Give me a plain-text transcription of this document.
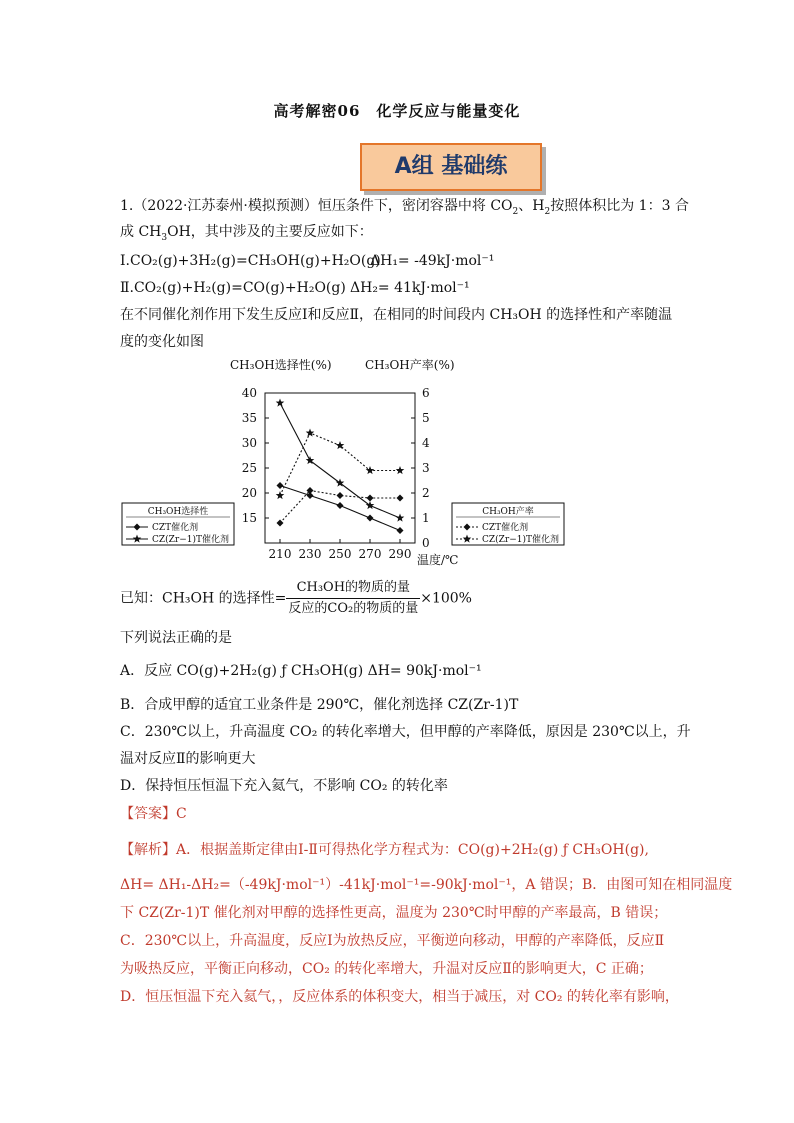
高考解密06　化学反应与能量变化
A组 基础练
1.（2022·江苏泰州·模拟预测）恒压条件下，密闭容器中将 $CO_2$、$H_2$按照体积比为 1：3 合
成 $CH_3OH$，其中涉及的主要反应如下：
Ⅰ.CO₂(g)+3H₂(g)=CH₃OH(g)+H₂O(g)
ΔH₁= -49kJ·mol⁻¹
Ⅱ.CO₂(g)+H₂(g)=CO(g)+H₂O(g) ΔH₂= 41kJ·mol⁻¹
在不同催化剂作用下发生反应Ⅰ和反应Ⅱ，在相同的时间段内 CH₃OH 的选择性和产率随温
度的变化如图
CH₃OH选择性(%)	CH₃OH产率(%)
15
20
25
30
35
40
0
1
2
3
4
5
6
210 230 250 270 290 温度/℃
CH₃OH选择性
CZT催化剂
CZ(Zr−1)T催化剂
CH₃OH产率
CZT催化剂
CZ(Zr−1)T催化剂
已知：CH₃OH 的选择性= $\frac{\text{CH₃OH的物质的量}}{\text{反应的CO₂的物质的量}} \times 100\%$
下列说法正确的是
A．反应 CO(g)+2H₂(g) ƒ CH₃OH(g) ΔH= 90kJ·mol⁻¹
B．合成甲醇的适宜工业条件是 290℃，催化剂选择 CZ(Zr-1)T
C．230℃以上，升高温度 CO₂ 的转化率增大，但甲醇的产率降低，原因是 230℃以上，升
温对反应Ⅱ的影响更大
D．保持恒压恒温下充入氦气，不影响 CO₂ 的转化率
【答案】C
【解析】A．根据盖斯定律由Ⅰ-Ⅱ可得热化学方程式为：CO(g)+2H₂(g) ƒ CH₃OH(g),
ΔH= ΔH₁-ΔH₂=（-49kJ·mol⁻¹）-41kJ·mol⁻¹=-90kJ·mol⁻¹，A 错误；B．由图可知在相同温度
下 CZ(Zr-1)T 催化剂对甲醇的选择性更高，温度为 230℃时甲醇的产率最高，B 错误；
C．230℃以上，升高温度，反应Ⅰ为放热反应，平衡逆向移动，甲醇的产率降低，反应Ⅱ
为吸热反应，平衡正向移动，CO₂ 的转化率增大，升温对反应Ⅱ的影响更大，C 正确；
D．恒压恒温下充入氦气，，反应体系的体积变大，相当于减压，对 CO₂ 的转化率有影响，
